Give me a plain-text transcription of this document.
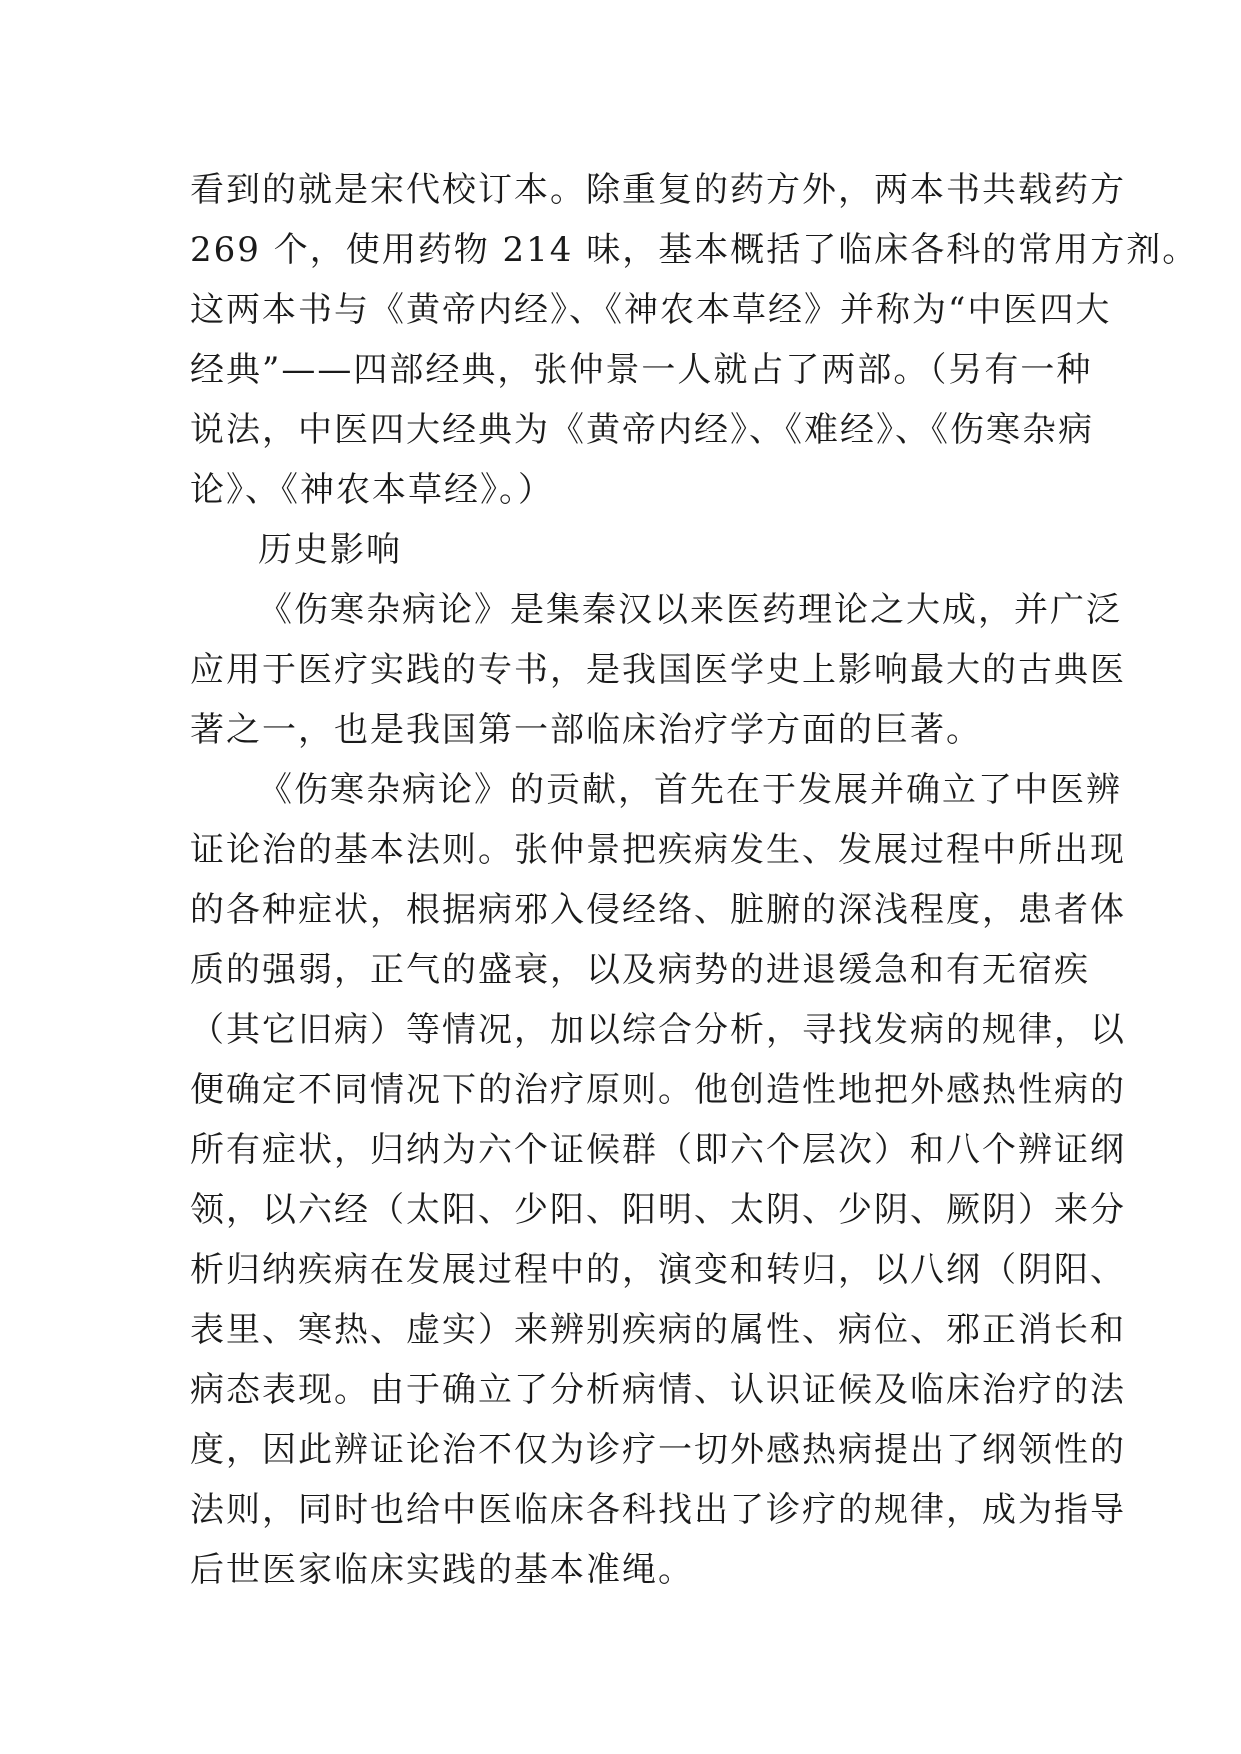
看到的就是宋代校订本。除重复的药方外，两本书共载药方
269 个，使用药物 214 味，基本概括了临床各科的常用方剂。
这两本书与《黄帝内经》、《神农本草经》并称为“中医四大
经典”——四部经典，张仲景一人就占了两部。（另有一种
说法，中医四大经典为《黄帝内经》、《难经》、《伤寒杂病
论》、《神农本草经》。）
历史影响
《伤寒杂病论》是集秦汉以来医药理论之大成，并广泛
应用于医疗实践的专书，是我国医学史上影响最大的古典医
著之一，也是我国第一部临床治疗学方面的巨著。
《伤寒杂病论》的贡献，首先在于发展并确立了中医辨
证论治的基本法则。张仲景把疾病发生、发展过程中所出现
的各种症状，根据病邪入侵经络、脏腑的深浅程度，患者体
质的强弱，正气的盛衰，以及病势的进退缓急和有无宿疾
（其它旧病）等情况，加以综合分析，寻找发病的规律，以
便确定不同情况下的治疗原则。他创造性地把外感热性病的
所有症状，归纳为六个证候群（即六个层次）和八个辨证纲
领，以六经（太阳、少阳、阳明、太阴、少阴、厥阴）来分
析归纳疾病在发展过程中的，演变和转归，以八纲（阴阳、
表里、寒热、虚实）来辨别疾病的属性、病位、邪正消长和
病态表现。由于确立了分析病情、认识证候及临床治疗的法
度，因此辨证论治不仅为诊疗一切外感热病提出了纲领性的
法则，同时也给中医临床各科找出了诊疗的规律，成为指导
后世医家临床实践的基本准绳。
